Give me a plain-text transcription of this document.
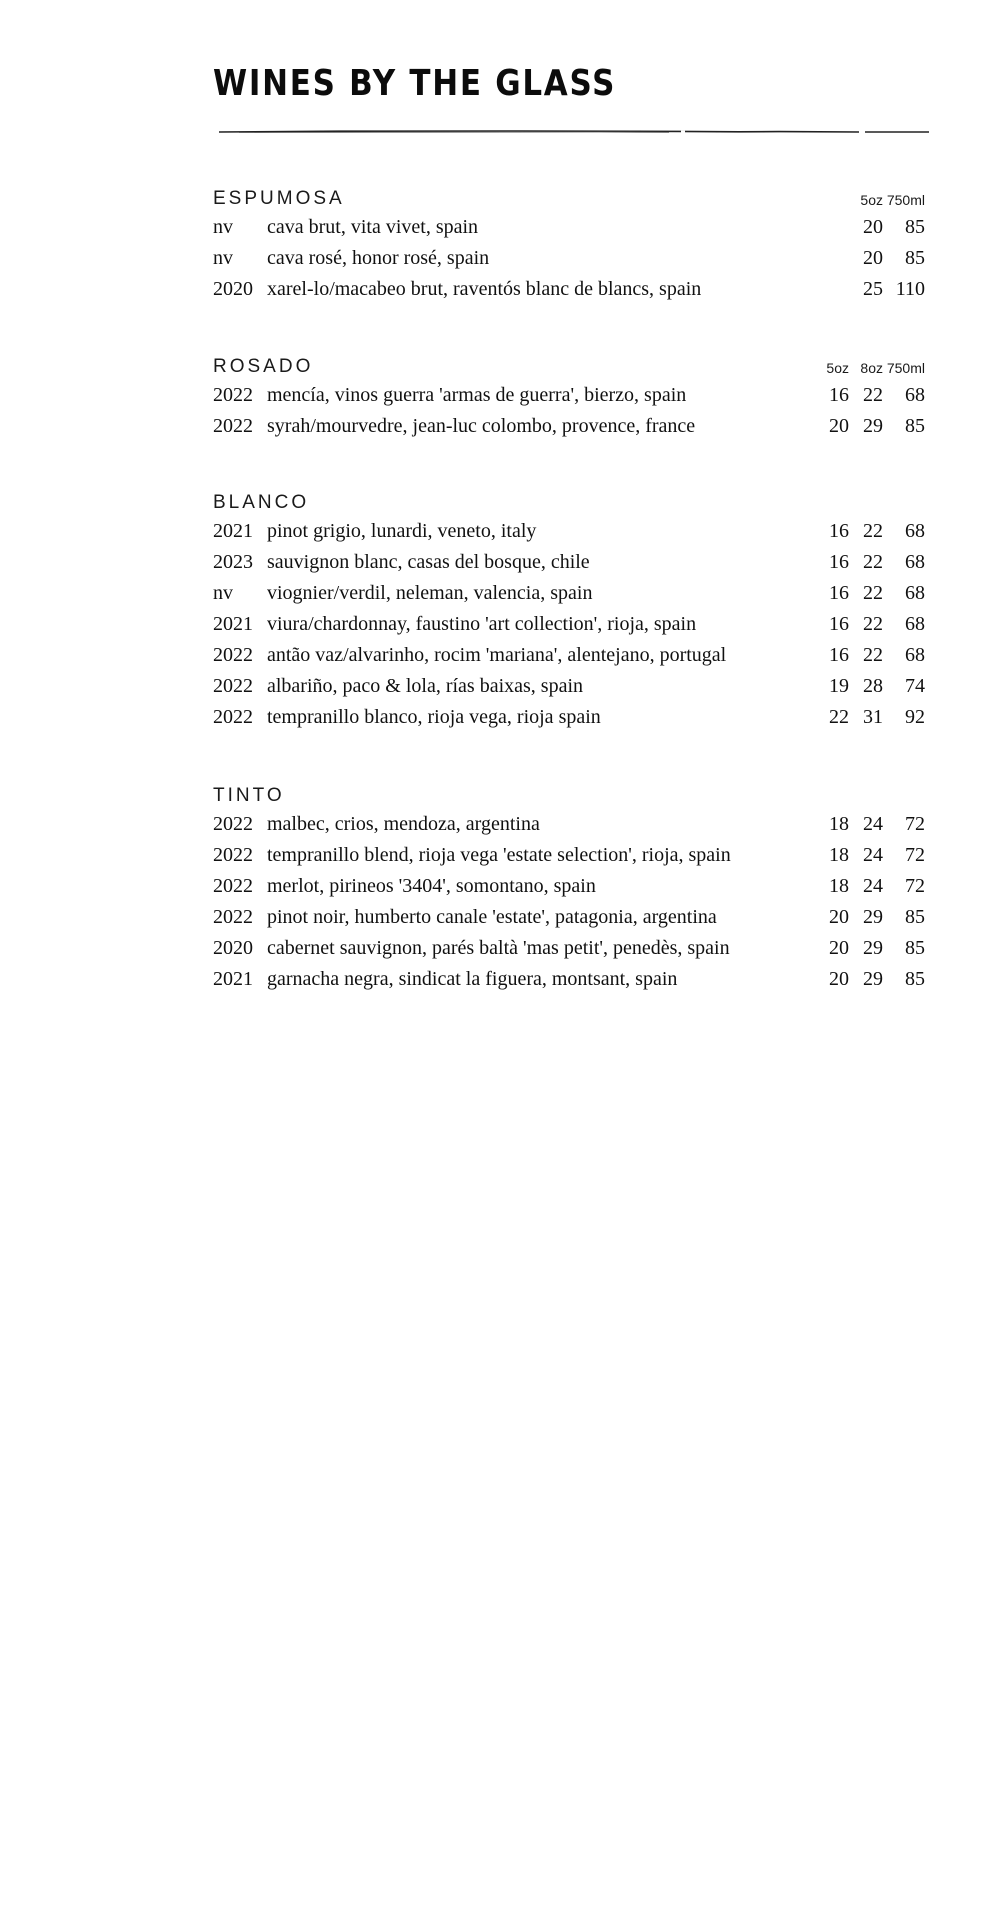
WINES BY THE GLASS
ESPUMOSA	5oz 750ml
nv cava brut, vita vivet, spain	20 85
nv cava rosé, honor rosé, spain	20 85
2020 xarel-lo/macabeo brut, raventós blanc de blancs, spain	25 110
ROSADO	5oz 8oz 750ml
2022 mencía, vinos guerra 'armas de guerra', bierzo, spain	16 22 68
2022 syrah/mourvedre, jean-luc colombo, provence, france	20 29 85
BLANCO
2021 pinot grigio, lunardi, veneto, italy	16 22 68
2023 sauvignon blanc, casas del bosque, chile	16 22 68
nv viognier/verdil, neleman, valencia, spain	16 22 68
2021 viura/chardonnay, faustino 'art collection', rioja, spain	16 22 68
2022 antão vaz/alvarinho, rocim 'mariana', alentejano, portugal	16 22 68
2022 albariño, paco & lola, rías baixas, spain	19 28 74
2022 tempranillo blanco, rioja vega, rioja spain	22 31 92
TINTO
2022 malbec, crios, mendoza, argentina	18 24 72
2022 tempranillo blend, rioja vega 'estate selection', rioja, spain	18 24 72
2022 merlot, pirineos '3404', somontano, spain	18 24 72
2022 pinot noir, humberto canale 'estate', patagonia, argentina	20 29 85
2020 cabernet sauvignon, parés baltà 'mas petit', penedès, spain	20 29 85
2021 garnacha negra, sindicat la figuera, montsant, spain	20 29 85
